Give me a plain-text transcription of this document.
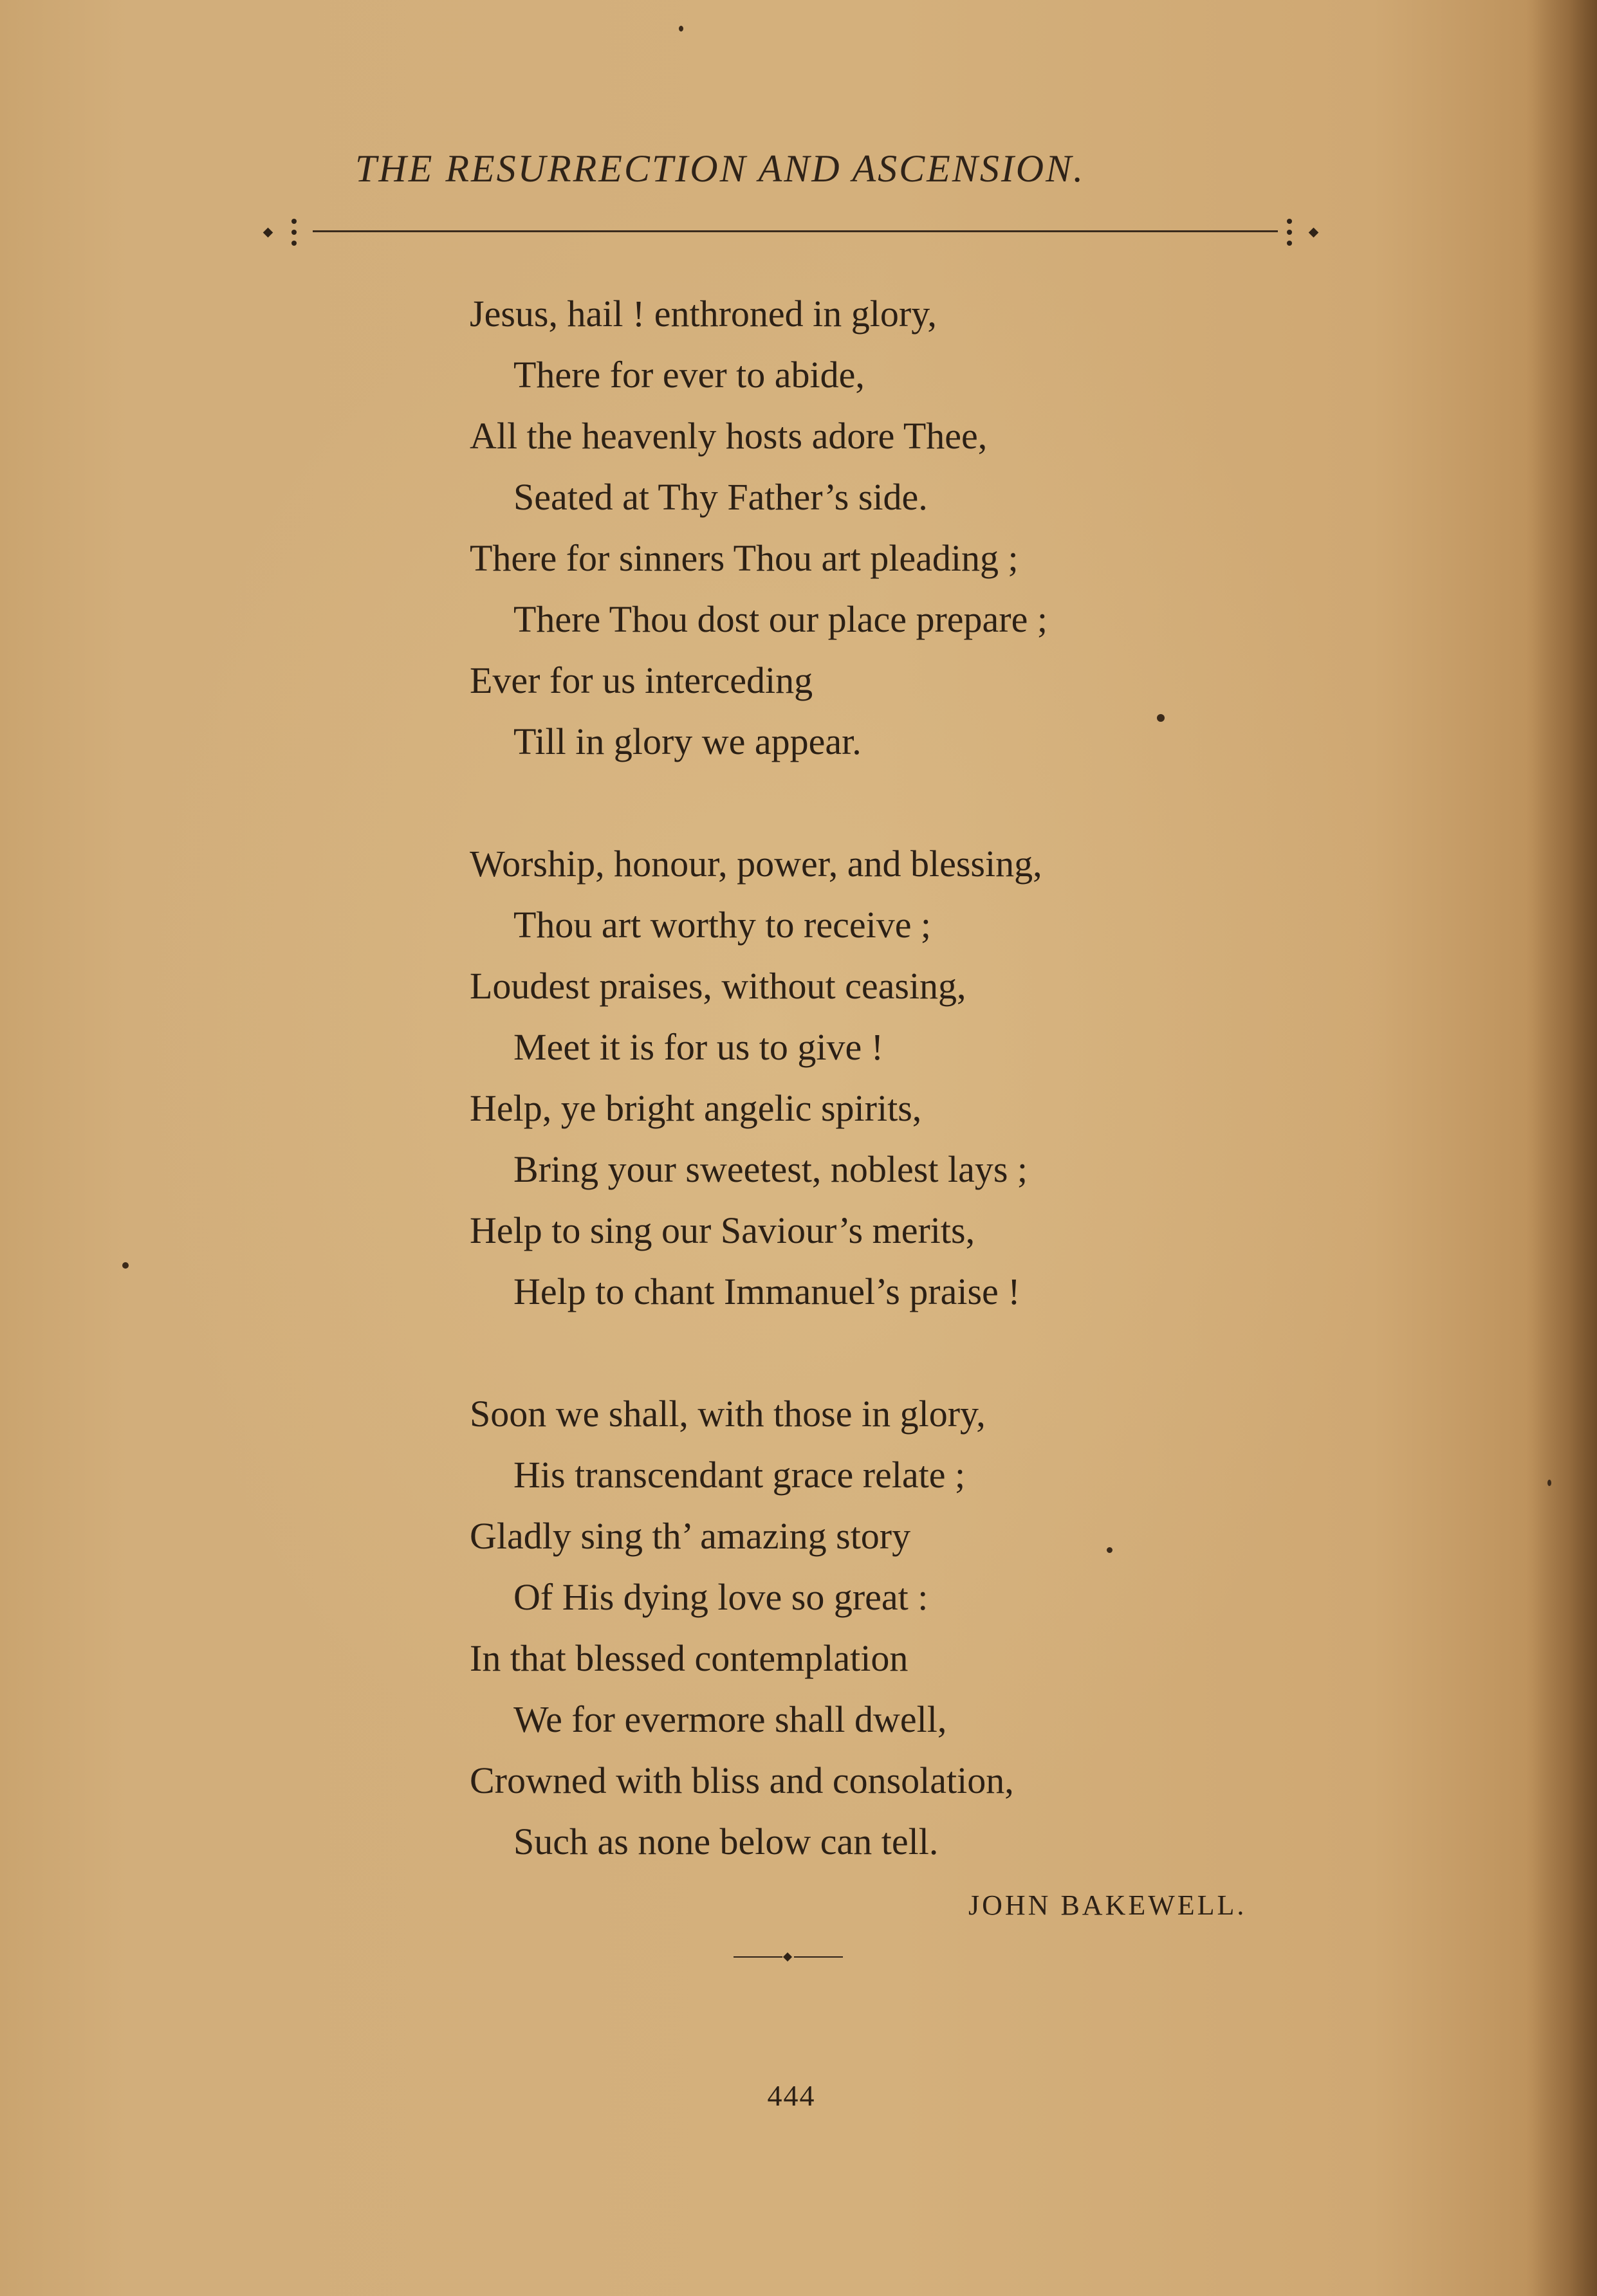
THE RESURRECTION AND ASCENSION.
Jesus, hail ! enthroned in glory,
There for ever to abide,
All the heavenly hosts adore Thee,
Seated at Thy Father’s side.
There for sinners Thou art pleading ;
There Thou dost our place prepare ;
Ever for us interceding
Till in glory we appear.
Worship, honour, power, and blessing,
Thou art worthy to receive ;
Loudest praises, without ceasing,
Meet it is for us to give !
Help, ye bright angelic spirits,
Bring your sweetest, noblest lays ;
Help to sing our Saviour’s merits,
Help to chant Immanuel’s praise !
Soon we shall, with those in glory,
His transcendant grace relate ;
Gladly sing th’ amazing story
Of His dying love so great :
In that blessed contemplation
We for evermore shall dwell,
Crowned with bliss and consolation,
Such as none below can tell.
JOHN BAKEWELL.
444
